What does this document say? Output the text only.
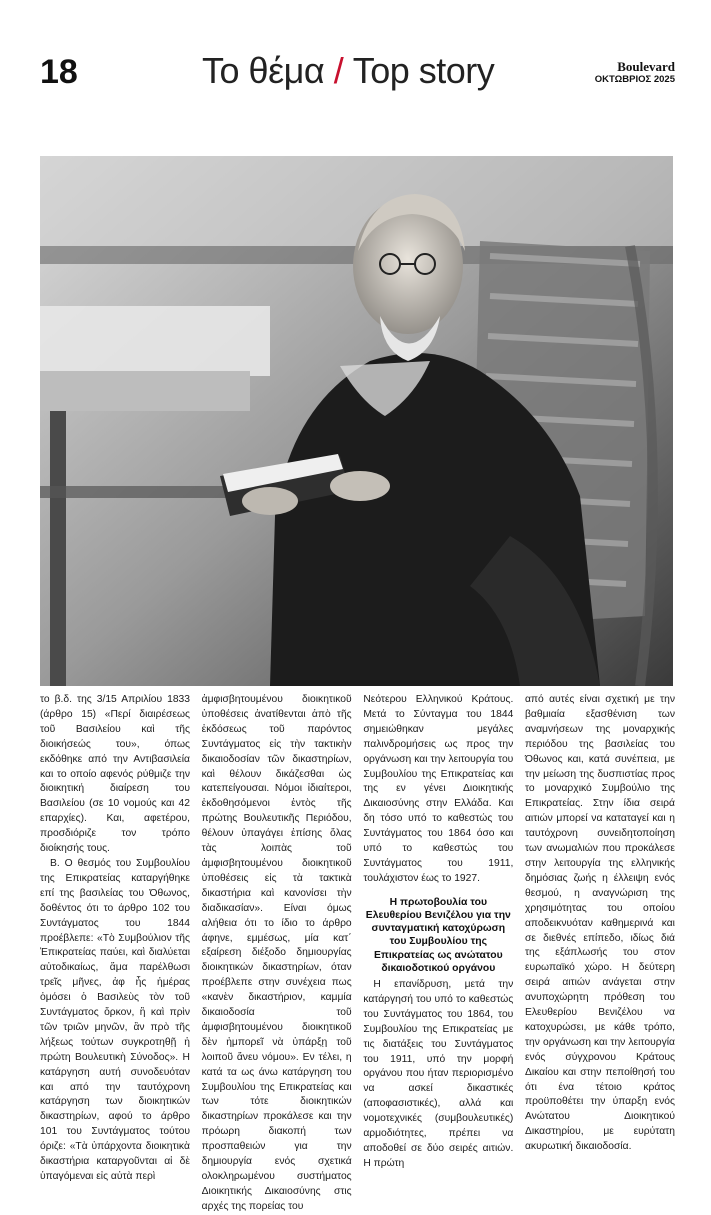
18	Το θέμα / Top story	Boulevard
ΟΚΤΩΒΡΙΟΣ 2025

το β.δ. της 3/15 Απριλίου 1833 (άρθρο 15) «Περί διαιρέσεως τοῦ Βασιλείου καὶ τῆς διοικήσεώς του», όπως εκδόθηκε από την Αντιβασιλεία και το οποίο αφενός ρύθμιζε την διοικητική διαίρεση του Βασιλείου (σε 10 νομούς και 42 επαρχίες). Και, αφετέρου, προσδιόριζε τον τρόπο διοίκησής τους.

Β. Ο θεσμός του Συμβουλίου της Επικρατείας καταργήθηκε επί της βασιλείας του Όθωνος, δοθέντος ότι το άρθρο 102 του Συντάγματος του 1844 προέβλεπε: «Τὸ Συμβούλιον τῆς Ἐπικρατείας παύει, καὶ διαλύεται αὐτοδικαίως, ἅμα παρέλθωσι τρεῖς μῆνες, ἀφ ἧς ἡμέρας ὀμόσει ὁ Βασιλεὺς τὸν τοῦ Συντάγματος ὅρκον, ἢ καὶ πρὶν τῶν τριῶν μηνῶν, ἂν πρὸ τῆς λήξεως τούτων συγκροτηθῇ ἡ πρώτη Βουλευτικὴ Σύνοδος». Η κατάργηση αυτή συνοδευόταν και από την ταυτόχρονη κατάργηση των διοικητικών δικαστηρίων, αφού το άρθρο 101 του Συντάγματος τούτου όριζε: «Τὰ ὑπάρχοντα διοικητικὰ δικαστήρια καταργοῦνται αἱ δὲ ὑπαγόμεναι εἰς αὐτὰ περὶ

ἀμφισβητουμένου διοικητικοῦ ὑποθέσεις ἀνατίθενται ἀπὸ τῆς ἐκδόσεως τοῦ παρόντος Συντάγματος εἰς τὴν τακτικὴν δικαιοδοσίαν τῶν δικαστηρίων, καὶ θέλουν δικάζεσθαι ὡς κατεπείγουσαι. Νόμοι ἰδιαίτεροι, ἐκδοθησόμενοι ἐντὸς τῆς πρώτης Βουλευτικῆς Περιόδου, θέλουν ὑπαγάγει ἐπίσης ὅλας τὰς λοιπὰς τοῦ ἀμφισβητουμένου διοικητικοῦ ὑποθέσεις εἰς τὰ τακτικὰ δικαστήρια καὶ κανονίσει τὴν διαδικασίαν». Είναι όμως αλήθεια ότι το ίδιο το άρθρο άφηνε, εμμέσως, μία κατ΄ εξαίρεση διέξοδο δημιουργίας διοικητικών δικαστηρίων, όταν προέβλεπε στην συνέχεια πως «κανὲν δικαστήριον, καμμία δικαιοδοσία τοῦ ἀμφισβητουμένου διοικητικοῦ δὲν ἠμπορεῖ νὰ ὑπάρξῃ τοῦ λοιποῦ ἄνευ νόμου». Εν τέλει, η κατά τα ως άνω κατάργηση του Συμβουλίου της Επικρατείας και των τότε διοικητικών δικαστηρίων προκάλεσε και την πρόωρη διακοπή των προσπαθειών για την δημιουργία ενός σχετικά ολοκληρωμένου συστήματος Διοικητικής Δικαιοσύνης στις αρχές της πορείας του

Νεότερου Ελληνικού Κράτους. Μετά το Σύνταγμα του 1844 σημειώθηκαν μεγάλες παλινδρομήσεις ως προς την οργάνωση και την λειτουργία του Συμβουλίου της Επικρατείας και της εν γένει Διοικητικής Δικαιοσύνης στην Ελλάδα. Και δη τόσο υπό το καθεστώς του Συντάγματος του 1864 όσο και υπό το καθεστώς του Συντάγματος του 1911, τουλάχιστον έως το 1927.

Η πρωτοβουλία του Ελευθερίου Βενιζέλου για την συνταγματική κατοχύρωση του Συμβουλίου της Επικρατείας ως ανώτατου δικαιοδοτικού οργάνου

Η επανίδρυση, μετά την κατάργησή του υπό το καθεστώς του Συντάγματος του 1864, του Συμβουλίου της Επικρατείας με τις διατάξεις του Συντάγματος του 1911, υπό την μορφή οργάνου που ήταν περιορισμένο να ασκεί δικαστικές (αποφασιστικές), αλλά και νομοτεχνικές (συμβουλευτικές) αρμοδιότητες, πρέπει να αποδοθεί σε δύο σειρές αιτιών. Η πρώτη

από αυτές είναι σχετική με την βαθμιαία εξασθένιση των αναμνήσεων της μοναρχικής περιόδου της βασιλείας του Όθωνος και, κατά συνέπεια, με την μείωση της δυσπιστίας προς το μοναρχικό Συμβούλιο της Επικρατείας. Στην ίδια σειρά αιτιών μπορεί να καταταγεί και η ταυτόχρονη συνειδητοποίηση των ανωμαλιών που προκάλεσε στην λειτουργία της ελληνικής δημόσιας ζωής η έλλειψη ενός θεσμού, η αναγνώριση της χρησιμότητας του οποίου αποδεικνυόταν καθημερινά και σε διεθνές επίπεδο, ιδίως διά της εξάπλωσής του στον ευρωπαϊκό χώρο. Η δεύτερη σειρά αιτιών ανάγεται στην ανυποχώρητη πρόθεση του Ελευθερίου Βενιζέλου να κατοχυρώσει, με κάθε τρόπο, την οργάνωση και την λειτουργία ενός σύγχρονου Κράτους Δικαίου και στην πεποίθησή του ότι ένα τέτοιο κράτος προϋποθέτει την ύπαρξη ενός Ανώτατου Διοικητικού Δικαστηρίου, με ευρύτατη ακυρωτική δικαιοδοσία.
